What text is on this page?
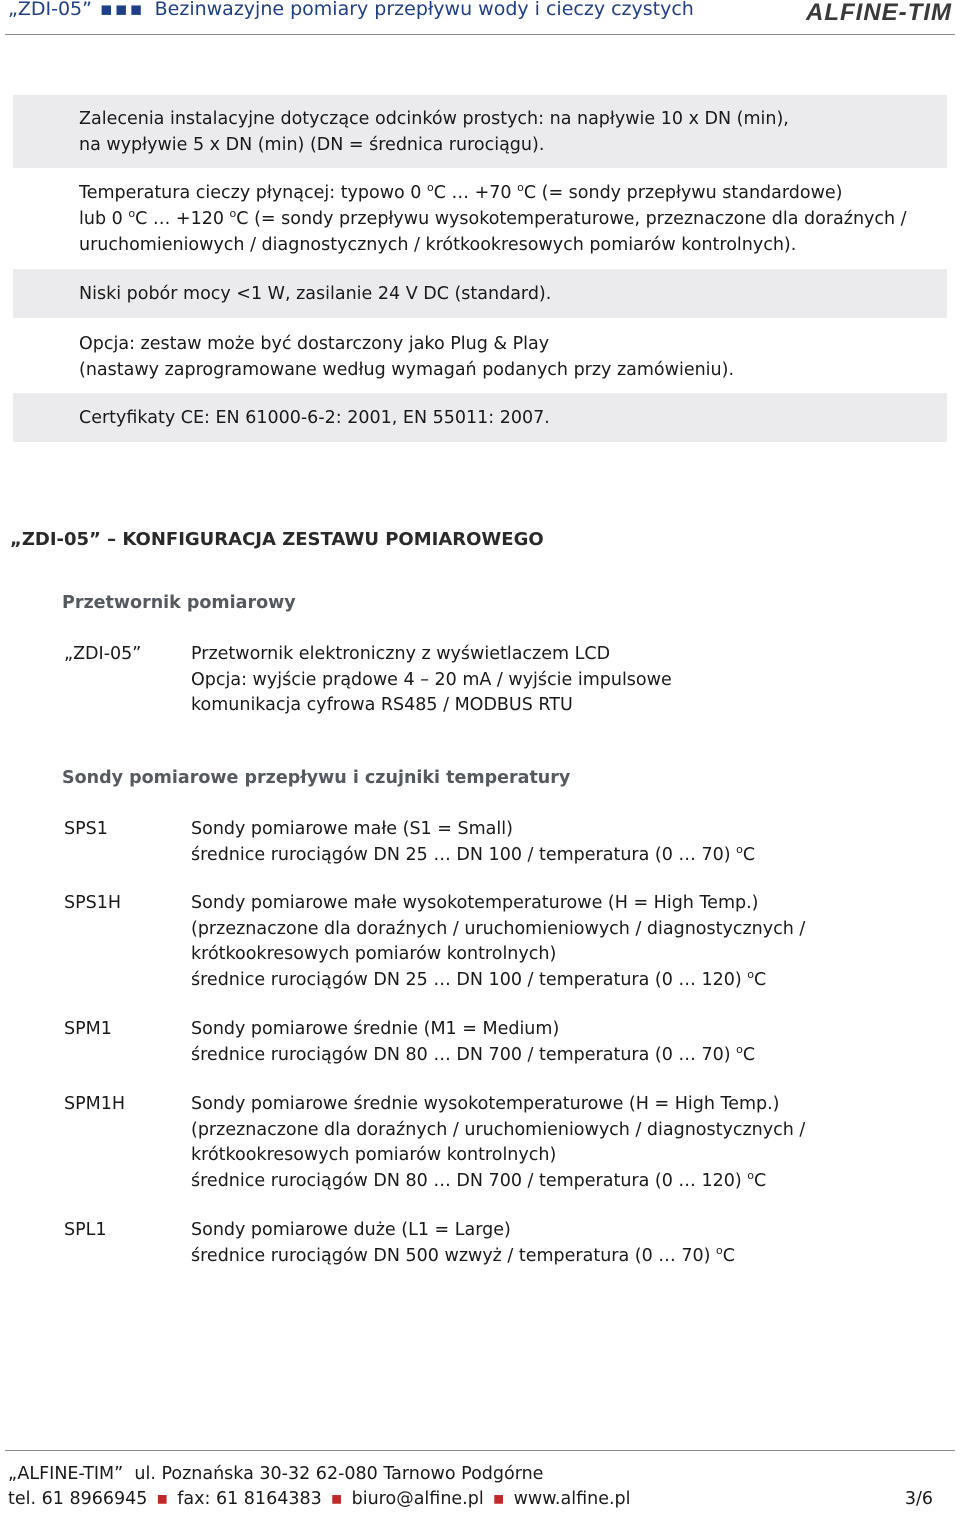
„ZDI-05” ▪▪▪ Bezinwazyjne pomiary przepływu wody i cieczy czystych	ALFINE-TIM
Zalecenia instalacyjne dotyczące odcinków prostych: na napływie 10 x DN (min),
na wypływie 5 x DN (min) (DN = średnica rurociągu).
Temperatura cieczy płynącej: typowo 0 $^o$C … +70 $^o$C (= sondy przepływu standardowe)
lub 0 $^o$C … +120 $^o$C (= sondy przepływu wysokotemperaturowe, przeznaczone dla doraźnych /
uruchomieniowych / diagnostycznych / krótkookresowych pomiarów kontrolnych).
Niski pobór mocy <1 W, zasilanie 24 V DC (standard).
Opcja: zestaw może być dostarczony jako Plug & Play
(nastawy zaprogramowane według wymagań podanych przy zamówieniu).
Certyfikaty CE: EN 61000-6-2: 2001, EN 55011: 2007.
„ZDI-05” – KONFIGURACJA ZESTAWU POMIAROWEGO
Przetwornik pomiarowy
„ZDI-05”	Przetwornik elektroniczny z wyświetlaczem LCD
Opcja: wyjście prądowe 4 – 20 mA / wyjście impulsowe
komunikacja cyfrowa RS485 / MODBUS RTU
Sondy pomiarowe przepływu i czujniki temperatury
SPS1	Sondy pomiarowe małe (S1 = Small)
średnice rurociągów DN 25 … DN 100 / temperatura (0 … 70) $^o$C
SPS1H	Sondy pomiarowe małe wysokotemperaturowe (H = High Temp.)
(przeznaczone dla doraźnych / uruchomieniowych / diagnostycznych /
krótkookresowych pomiarów kontrolnych)
średnice rurociągów DN 25 … DN 100 / temperatura (0 … 120) $^o$C
SPM1	Sondy pomiarowe średnie (M1 = Medium)
średnice rurociągów DN 80 … DN 700 / temperatura (0 … 70) $^o$C
SPM1H	Sondy pomiarowe średnie wysokotemperaturowe (H = High Temp.)
(przeznaczone dla doraźnych / uruchomieniowych / diagnostycznych /
krótkookresowych pomiarów kontrolnych)
średnice rurociągów DN 80 … DN 700 / temperatura (0 … 120) $^o$C
SPL1	Sondy pomiarowe duże (L1 = Large)
średnice rurociągów DN 500 wzwyż / temperatura (0 … 70) $^o$C
„ALFINE-TIM” ul. Poznańska 30-32 62-080 Tarnowo Podgórne
tel. 61 8966945 ▪ fax: 61 8164383 ▪ biuro@alfine.pl ▪ www.alfine.pl	3/6
